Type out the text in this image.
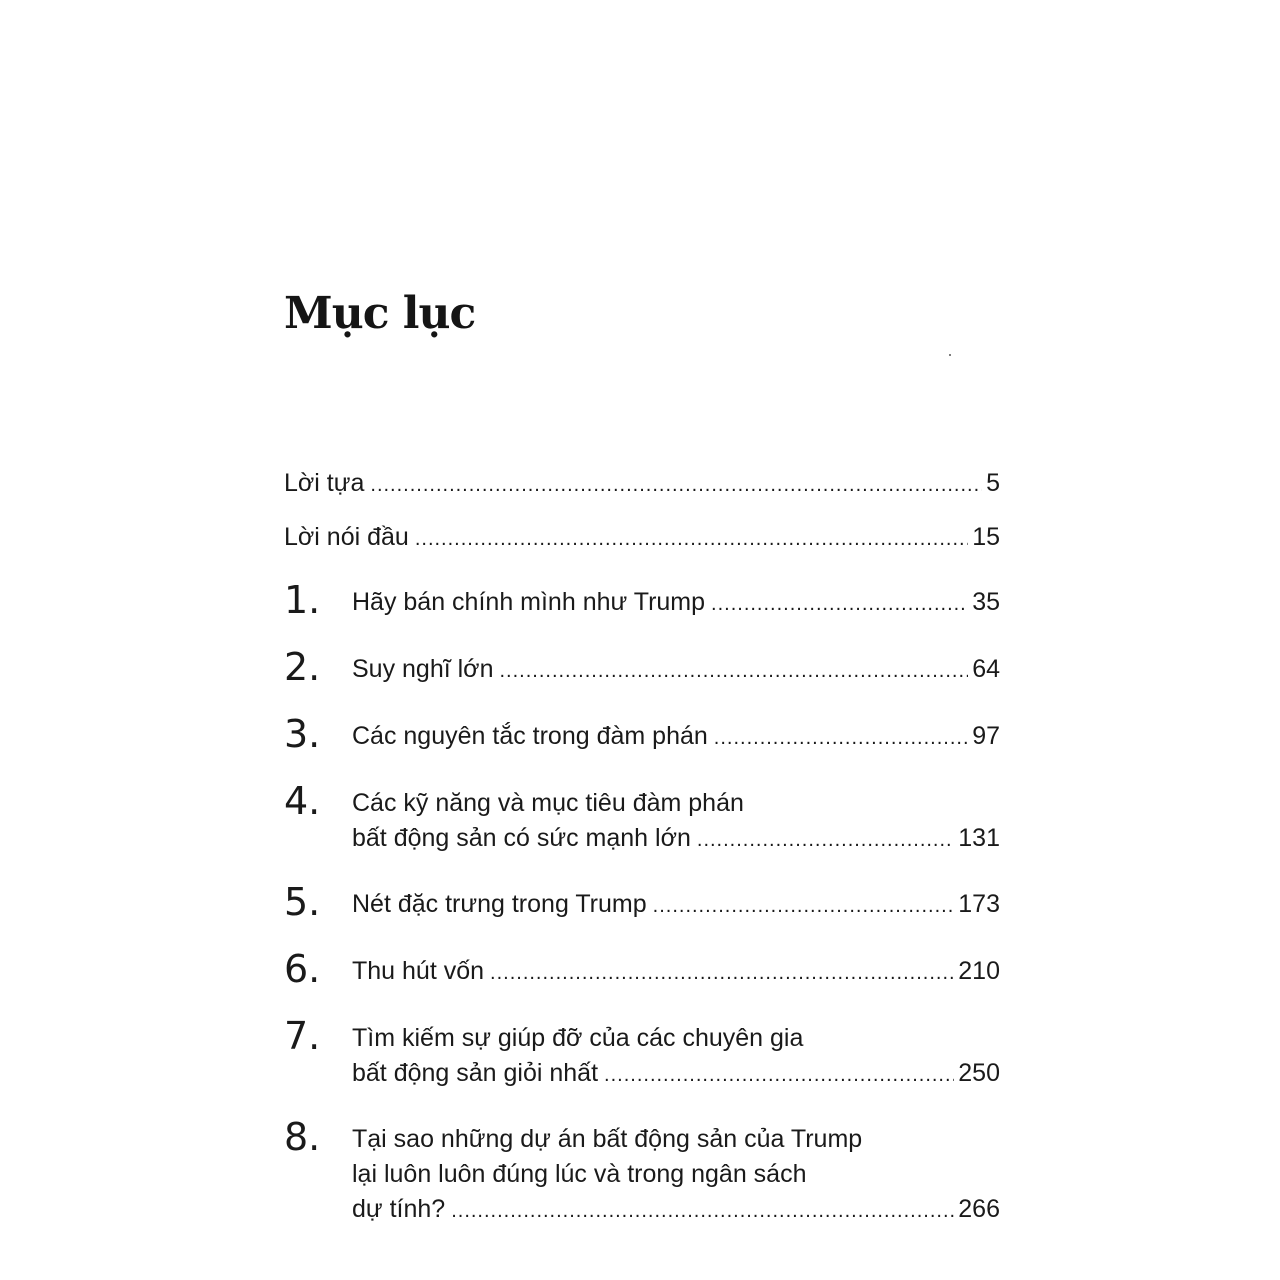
Mục lục
Lời tựa .....	5
Lời nói đầu .....	15
1. Hãy bán chính mình như Trump .....	35
2. Suy nghĩ lớn .....	64
3. Các nguyên tắc trong đàm phán .....	97
4. Các kỹ năng và mục tiêu đàm phán
bất động sản có sức mạnh lớn .....	131
5. Nét đặc trưng trong Trump .....	173
6. Thu hút vốn .....	210
7. Tìm kiếm sự giúp đỡ của các chuyên gia
bất động sản giỏi nhất .....	250
8. Tại sao những dự án bất động sản của Trump
lại luôn luôn đúng lúc và trong ngân sách
dự tính? .....	266
